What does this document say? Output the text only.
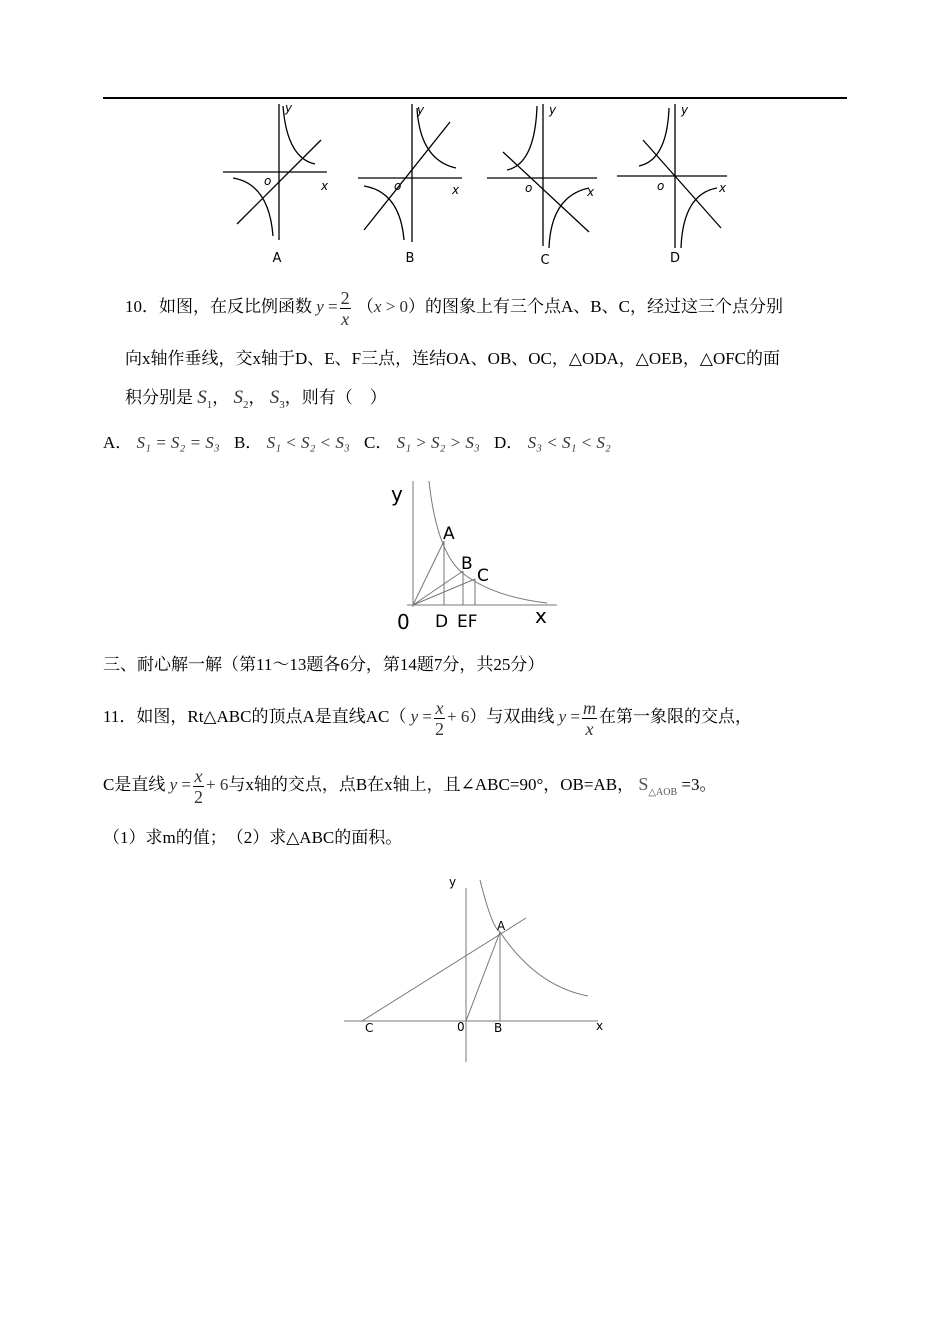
y
o	x
A
y
o	x
B
y
o	x
C
y
o	x
D
10．如图，在反比例函数 $y = \frac{2}{x} (x > 0)$的图象上有三个点A、B、C，经过这三个点分别
向x轴作垂线，交x轴于D、E、F三点，连结OA、OB、OC，△ODA，△OEB，△OFC的面
积分别是 $S_1$， $S_2$， $S_3$，则有（　）
A． S₁ = S₂ = S₃ B． S₁ < S₂ < S₃ C． S₁ > S₂ > S₃ D． S₃ < S₁ < S₂
y
x
0
A
B
C
D EF
三、耐心解一解（第11～13题各6分，第14题7分，共25分）
11．如图，Rt△ABC的顶点A是直线AC（ $y = \frac{x}{2} + 6$）与双曲线 $y = \frac{m}{x}$ 在第一象限的交点，
C是直线 $y = \frac{x}{2} + 6$与x轴的交点，点B在x轴上，且∠ABC=90°，OB=AB， $S_{\triangle AOB} =3$。
（1）求m的值；　（2）求△ABC的面积。
y
x
0
A
B
C
